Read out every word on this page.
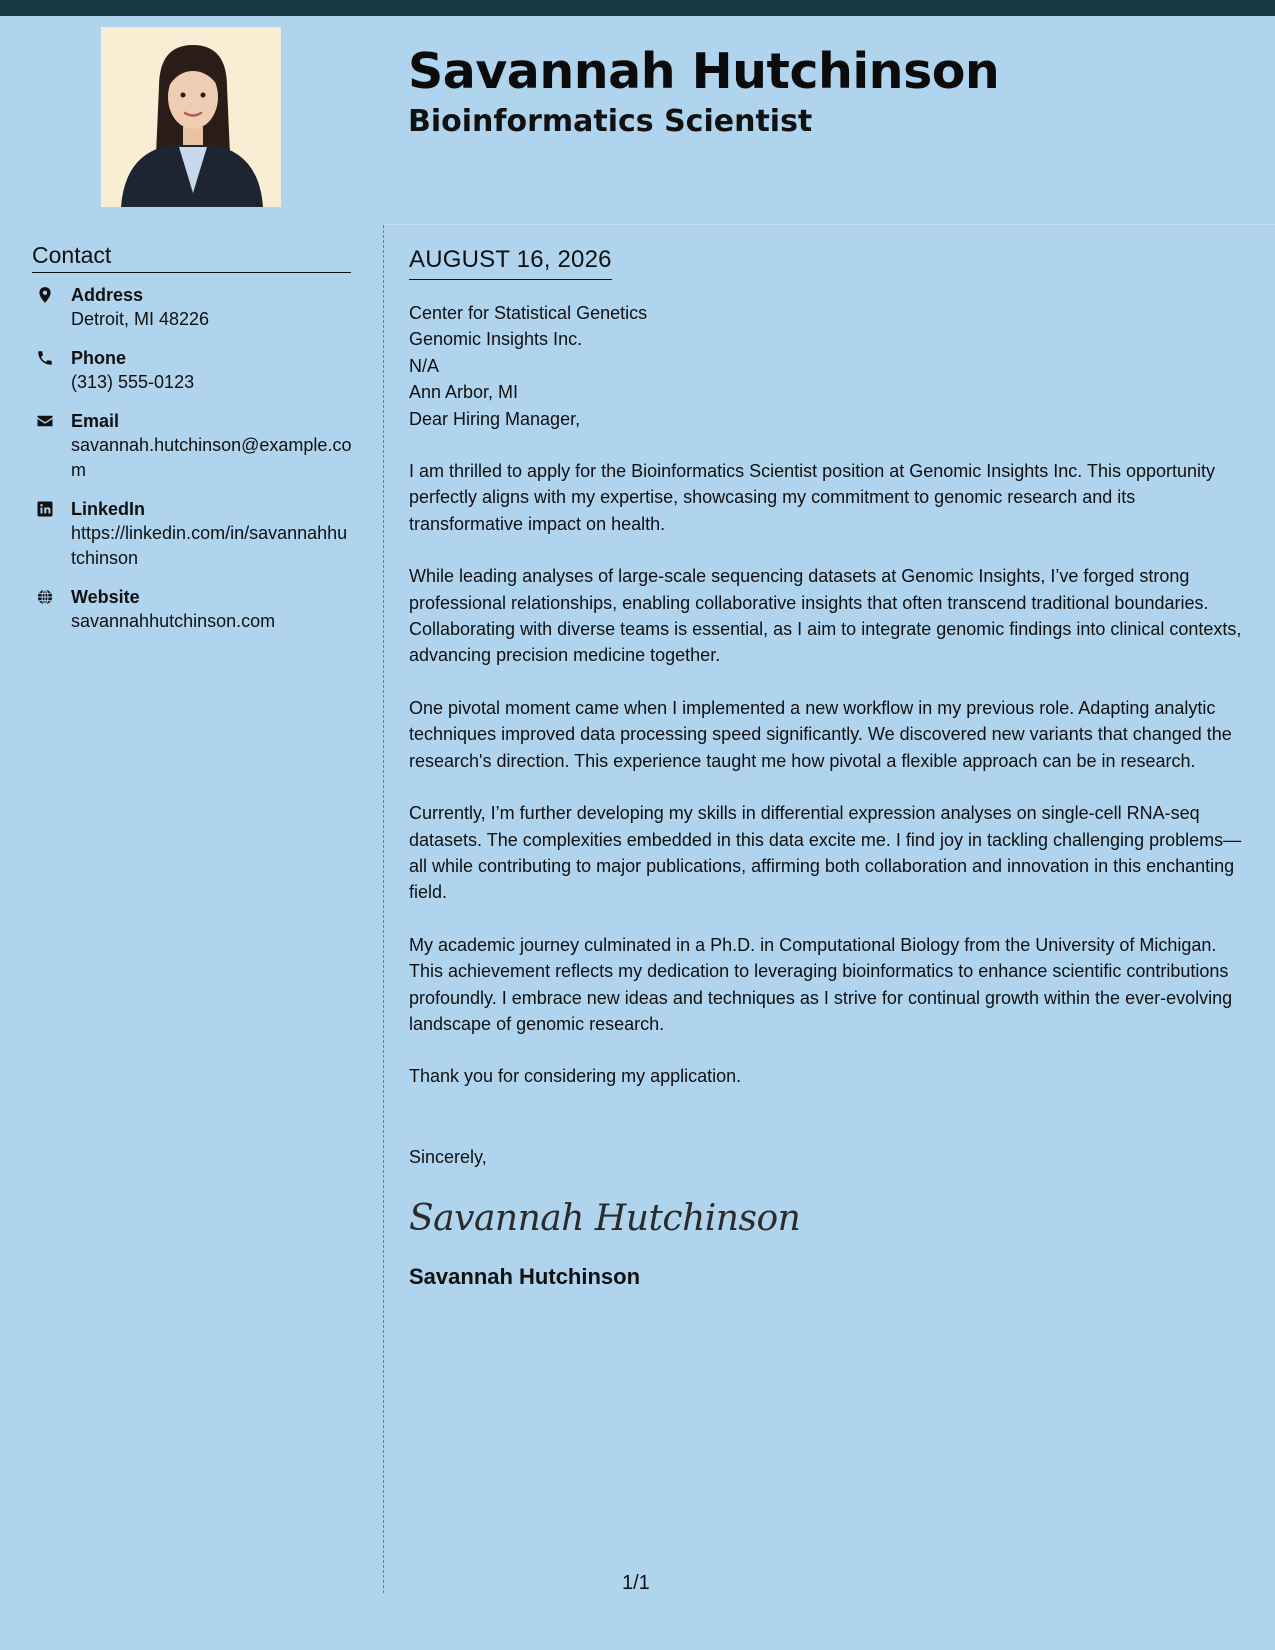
Savannah Hutchinson
Bioinformatics Scientist
Contact
Address
Detroit, MI 48226
Phone
(313) 555-0123
Email
savannah.hutchinson@example.com
LinkedIn
https://linkedin.com/in/savannahhutchinson
Website
savannahhutchinson.com
AUGUST 16, 2026
Center for Statistical Genetics
Genomic Insights Inc.
N/A
Ann Arbor, MI

Dear Hiring Manager,

I am thrilled to apply for the Bioinformatics Scientist position at Genomic Insights Inc. This opportunity perfectly aligns with my expertise, showcasing my commitment to genomic research and its transformative impact on health.

While leading analyses of large-scale sequencing datasets at Genomic Insights, I’ve forged strong professional relationships, enabling collaborative insights that often transcend traditional boundaries. Collaborating with diverse teams is essential, as I aim to integrate genomic findings into clinical contexts, advancing precision medicine together.

One pivotal moment came when I implemented a new workflow in my previous role. Adapting analytic techniques improved data processing speed significantly. We discovered new variants that changed the research's direction. This experience taught me how pivotal a flexible approach can be in research.

Currently, I’m further developing my skills in differential expression analyses on single-cell RNA-seq datasets. The complexities embedded in this data excite me. I find joy in tackling challenging problems—all while contributing to major publications, affirming both collaboration and innovation in this enchanting field.

My academic journey culminated in a Ph.D. in Computational Biology from the University of Michigan. This achievement reflects my dedication to leveraging bioinformatics to enhance scientific contributions profoundly. I embrace new ideas and techniques as I strive for continual growth within the ever-evolving landscape of genomic research.

Thank you for considering my application.

Sincerely,
Savannah Hutchinson
Savannah Hutchinson
1/1
